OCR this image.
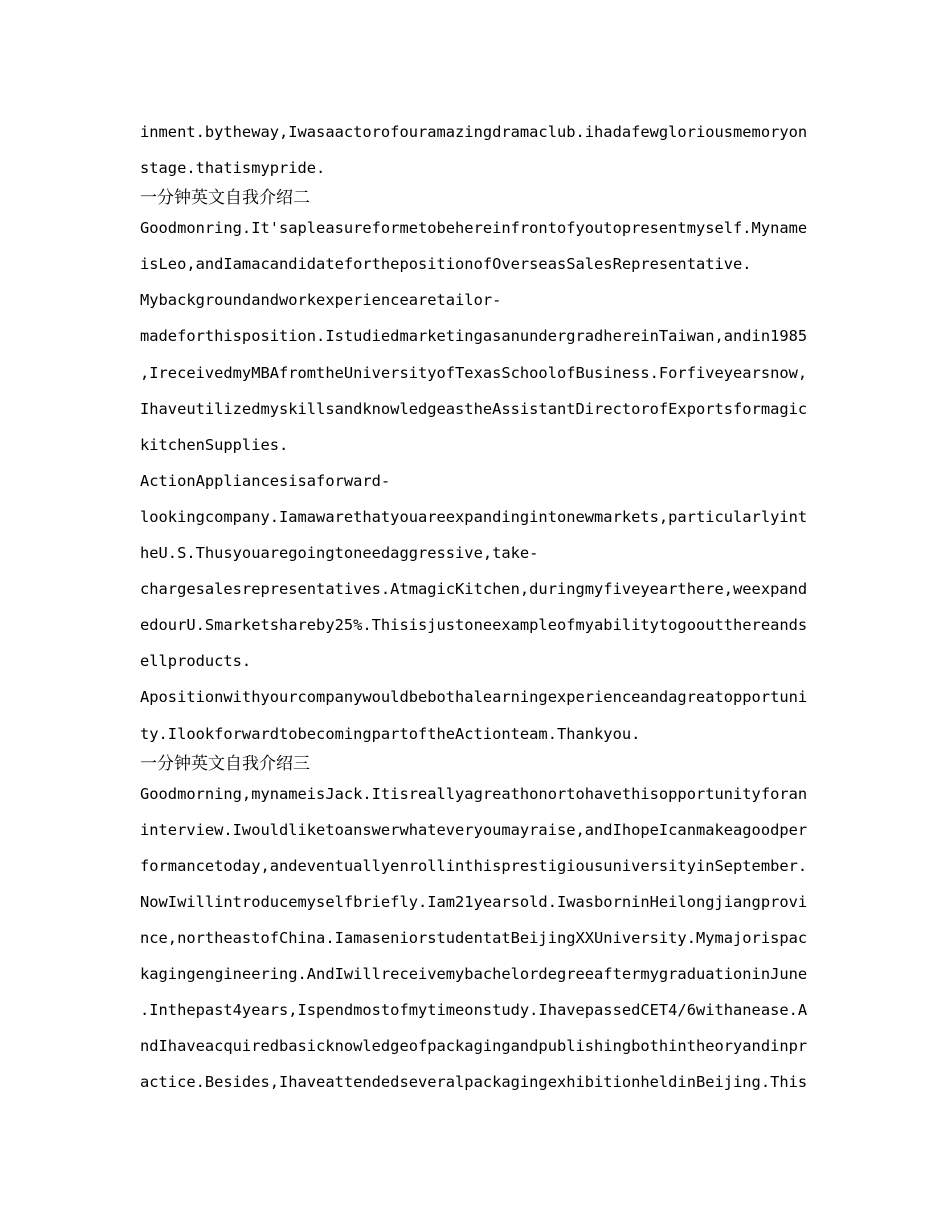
inment.bytheway,Iwasaactorofouramazingdramaclub.ihadafewgloriousmemoryon
stage.thatismypride.
一分钟英文自我介绍二
Goodmonring.It'sapleasureformetobehereinfrontofyoutopresentmyself.Myname
isLeo,andIamacandidateforthepositionofOverseasSalesRepresentative.
Mybackgroundandworkexperiencearetailor-
madeforthisposition.IstudiedmarketingasanundergradhereinTaiwan,andin1985
,IreceivedmyMBAfromtheUniversityofTexasSchoolofBusiness.Forfiveyearsnow,
IhaveutilizedmyskillsandknowledgeastheAssistantDirectorofExportsformagic
kitchenSupplies.
ActionAppliancesisaforward-
lookingcompany.Iamawarethatyouareexpandingintonewmarkets,particularlyint
heU.S.Thusyouaregoingtoneedaggressive,take-
chargesalesrepresentatives.AtmagicKitchen,duringmyfiveyearthere,weexpand
edourU.Smarketshareby25%.Thisisjustoneexampleofmyabilitytogooutthereands
ellproducts.
Apositionwithyourcompanywouldbebothalearningexperienceandagreatopportuni
ty.IlookforwardtobecomingpartoftheActionteam.Thankyou.
一分钟英文自我介绍三
Goodmorning,mynameisJack.Itisreallyagreathonortohavethisopportunityforan
interview.Iwouldliketoanswerwhateveryoumayraise,andIhopeIcanmakeagoodper
formancetoday,andeventuallyenrollinthisprestigiousuniversityinSeptember.
NowIwillintroducemyselfbriefly.Iam21yearsold.IwasborninHeilongjiangprovi
nce,northeastofChina.IamaseniorstudentatBeijingXXUniversity.Mymajorispac
kagingengineering.AndIwillreceivemybachelordegreeaftermygraduationinJune
.Inthepast4years,Ispendmostofmytimeonstudy.IhavepassedCET4/6withanease.A
ndIhaveacquiredbasicknowledgeofpackagingandpublishingbothintheoryandinpr
actice.Besides,IhaveattendedseveralpackagingexhibitionheldinBeijing.This
